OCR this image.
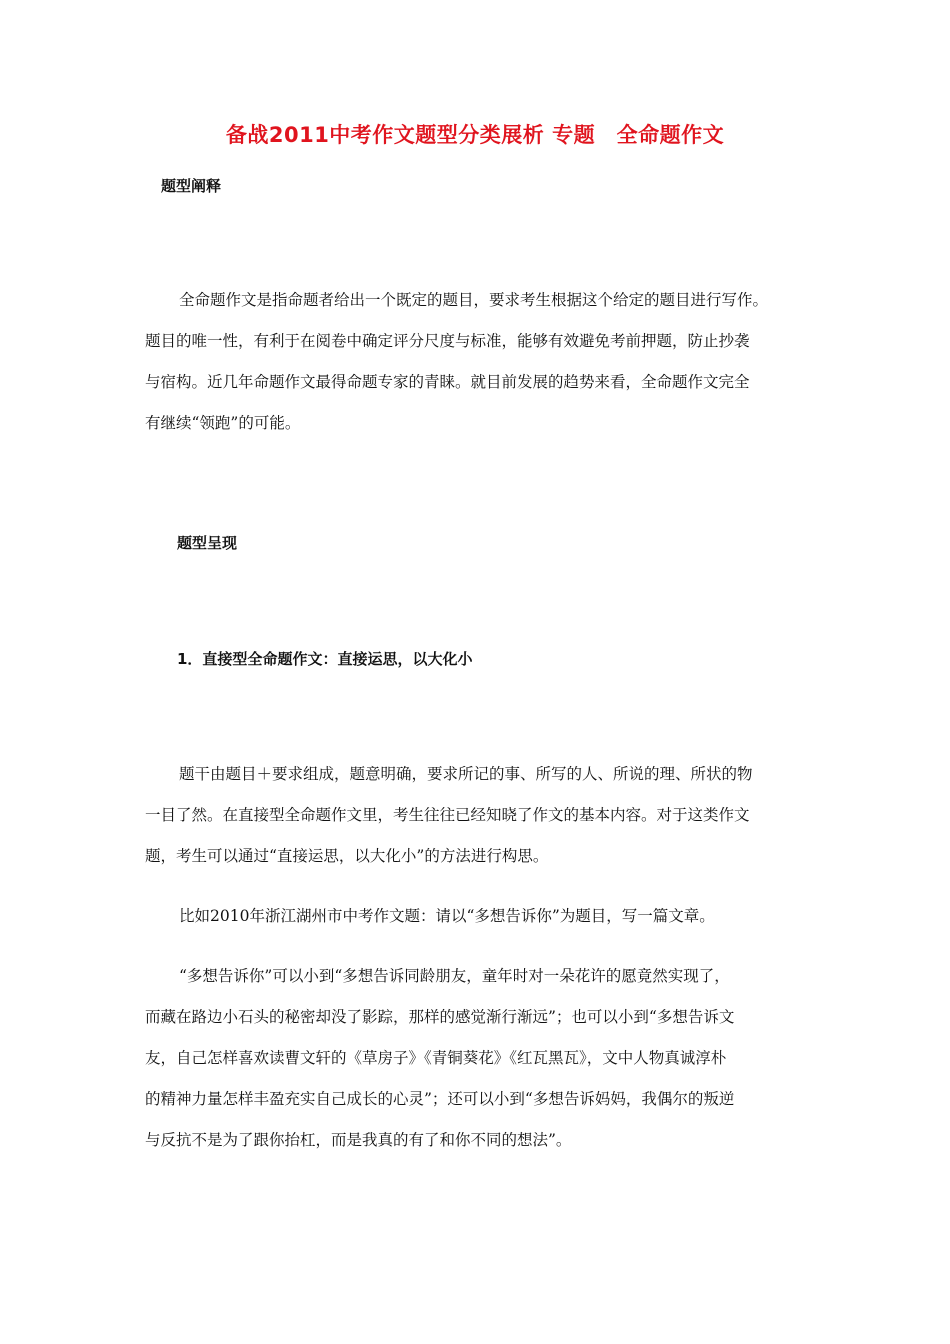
备战2011中考作文题型分类展析 专题　全命题作文
题型阐释
全命题作文是指命题者给出一个既定的题目，要求考生根据这个给定的题目进行写作。
题目的唯一性，有利于在阅卷中确定评分尺度与标准，能够有效避免考前押题，防止抄袭
与宿构。近几年命题作文最得命题专家的青睐。就目前发展的趋势来看，全命题作文完全
有继续“领跑”的可能。
题型呈现
1．直接型全命题作文：直接运思，以大化小
题干由题目＋要求组成，题意明确，要求所记的事、所写的人、所说的理、所状的物
一目了然。在直接型全命题作文里，考生往往已经知晓了作文的基本内容。对于这类作文
题，考生可以通过“直接运思，以大化小”的方法进行构思。
比如2010年浙江湖州市中考作文题：请以“多想告诉你”为题目，写一篇文章。
“多想告诉你”可以小到“多想告诉同龄朋友，童年时对一朵花许的愿竟然实现了，
而藏在路边小石头的秘密却没了影踪，那样的感觉渐行渐远”；也可以小到“多想告诉文
友，自己怎样喜欢读曹文轩的《草房子》《青铜葵花》《红瓦黑瓦》，文中人物真诚淳朴
的精神力量怎样丰盈充实自己成长的心灵”；还可以小到“多想告诉妈妈，我偶尔的叛逆
与反抗不是为了跟你抬杠，而是我真的有了和你不同的想法”。
